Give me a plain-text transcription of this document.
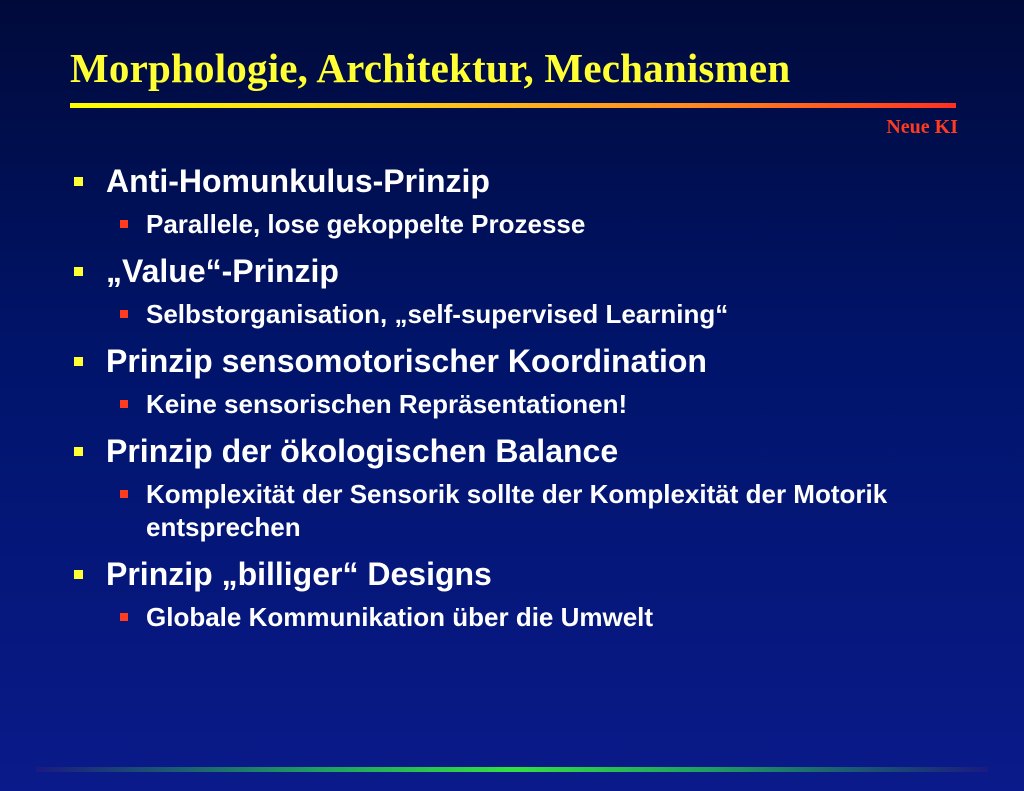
Morphologie, Architektur, Mechanismen
Neue KI
Anti-Homunkulus-Prinzip
Parallele, lose gekoppelte Prozesse
„Value“-Prinzip
Selbstorganisation, „self-supervised Learning“
Prinzip sensomotorischer Koordination
Keine sensorischen Repräsentationen!
Prinzip der ökologischen Balance
Komplexität der Sensorik sollte der Komplexität der Motorik entsprechen
Prinzip „billiger“ Designs
Globale Kommunikation über die Umwelt
